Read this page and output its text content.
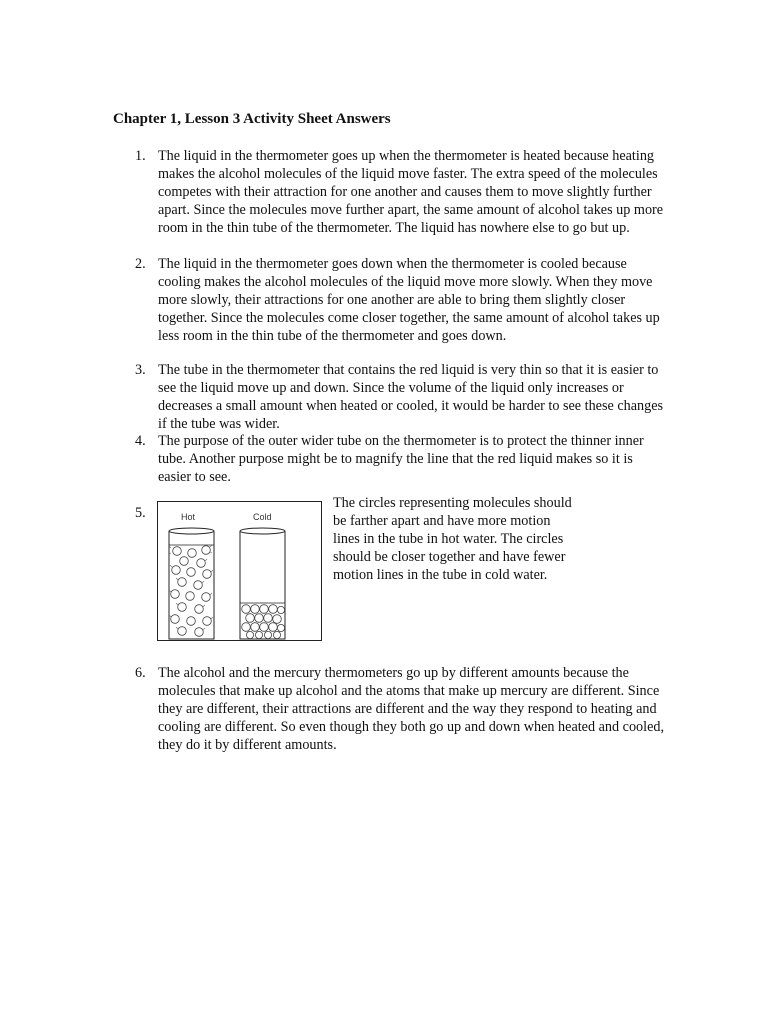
Chapter 1, Lesson 3 Activity Sheet Answers
1. The liquid in the thermometer goes up when the thermometer is heated because heating makes the alcohol molecules of the liquid move faster. The extra speed of the molecules competes with their attraction for one another and causes them to move slightly further apart. Since the molecules move further apart, the same amount of alcohol takes up more room in the thin tube of the thermometer. The liquid has nowhere else to go but up.
2. The liquid in the thermometer goes down when the thermometer is cooled because cooling makes the alcohol molecules of the liquid move more slowly. When they move more slowly, their attractions for one another are able to bring them slightly closer together. Since the molecules come closer together, the same amount of alcohol takes up less room in the thin tube of the thermometer and goes down.
3. The tube in the thermometer that contains the red liquid is very thin so that it is easier to see the liquid move up and down. Since the volume of the liquid only increases or decreases a small amount when heated or cooled, it would be harder to see these changes if the tube was wider.
4. The purpose of the outer wider tube on the thermometer is to protect the thinner inner tube. Another purpose might be to magnify the line that the red liquid makes so it is easier to see.
5.
The circles representing molecules should be farther apart and have more motion lines in the tube in hot water. The circles should be closer together and have fewer motion lines in the tube in cold water.
Hot	Cold
6. The alcohol and the mercury thermometers go up by different amounts because the molecules that make up alcohol and the atoms that make up mercury are different. Since they are different, their attractions are different and the way they respond to heating and cooling are different. So even though they both go up and down when heated and cooled, they do it by different amounts.
